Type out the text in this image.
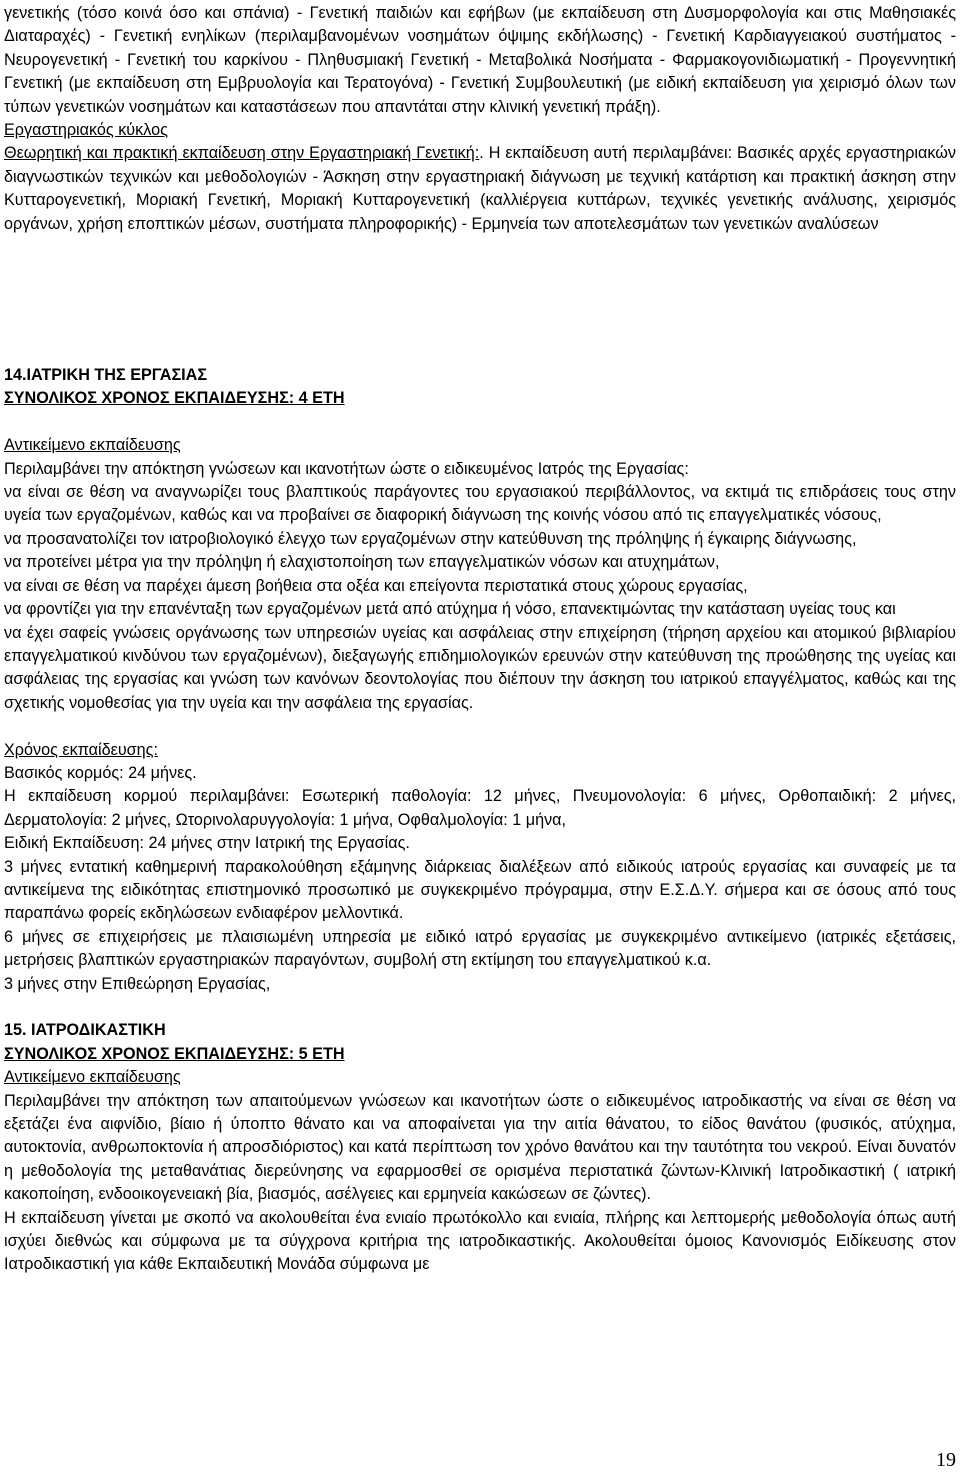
γενετικής (τόσο κοινά όσο και σπάνια) - Γενετική παιδιών και εφήβων (με εκπαίδευση στη Δυσμορφολογία και στις Μαθησιακές Διαταραχές) - Γενετική ενηλίκων (περιλαμβανομένων νοσημάτων όψιμης εκδήλωσης) - Γενετική Καρδιαγγειακού συστήματος - Νευρογενετική - Γενετική του καρκίνου - Πληθυσμιακή Γενετική - Μεταβολικά Νοσήματα - Φαρμακογονιδιωματική - Προγεννητική Γενετική (με εκπαίδευση στη Εμβρυολογία και Τερατογόνα) - Γενετική Συμβουλευτική (με ειδική εκπαίδευση για χειρισμό όλων των τύπων γενετικών νοσημάτων και καταστάσεων που απαντάται στην κλινική γενετική πράξη).

Εργαστηριακός κύκλος

Θεωρητική και πρακτική εκπαίδευση στην Εργαστηριακή Γενετική:. Η εκπαίδευση αυτή περιλαμβάνει: Βασικές αρχές εργαστηριακών διαγνωστικών τεχνικών και μεθοδολογιών - Άσκηση στην εργαστηριακή διάγνωση με τεχνική κατάρτιση και πρακτική άσκηση στην Κυτταρογενετική, Μοριακή Γενετική, Μοριακή Κυτταρογενετική (καλλιέργεια κυττάρων, τεχνικές γενετικής ανάλυσης, χειρισμός οργάνων, χρήση εποπτικών μέσων, συστήματα πληροφορικής) - Ερμηνεία των αποτελεσμάτων των γενετικών αναλύσεων

14.ΙΑΤΡΙΚΗ ΤΗΣ ΕΡΓΑΣΙΑΣ

ΣΥΝΟΛΙΚΟΣ ΧΡΟΝΟΣ ΕΚΠΑΙΔΕΥΣΗΣ: 4 ΕΤΗ

Αντικείμενο εκπαίδευσης

Περιλαμβάνει την απόκτηση γνώσεων και ικανοτήτων ώστε ο ειδικευμένος Ιατρός της Εργασίας:

να είναι σε θέση να αναγνωρίζει τους βλαπτικούς παράγοντες του εργασιακού περιβάλλοντος, να εκτιμά τις επιδράσεις τους στην υγεία των εργαζομένων, καθώς και να προβαίνει σε διαφορική διάγνωση της κοινής νόσου από τις επαγγελματικές νόσους,

να προσανατολίζει τον ιατροβιολογικό έλεγχο των εργαζομένων στην κατεύθυνση της πρόληψης ή έγκαιρης διάγνωσης,

να προτείνει μέτρα για την πρόληψη ή ελαχιστοποίηση των επαγγελματικών νόσων και ατυχημάτων,

να είναι σε θέση να παρέχει άμεση βοήθεια στα οξέα και επείγοντα περιστατικά στους χώρους εργασίας,

να φροντίζει για την επανένταξη των εργαζομένων μετά από ατύχημα ή νόσο, επανεκτιμώντας την κατάσταση υγείας τους και

να έχει σαφείς γνώσεις οργάνωσης των υπηρεσιών υγείας και ασφάλειας στην επιχείρηση (τήρηση αρχείου και ατομικού βιβλιαρίου επαγγελματικού κινδύνου των εργαζομένων), διεξαγωγής επιδημιολογικών ερευνών στην κατεύθυνση της προώθησης της υγείας και ασφάλειας της εργασίας και γνώση των κανόνων δεοντολογίας που διέπουν την άσκηση του ιατρικού επαγγέλματος, καθώς και της σχετικής νομοθεσίας για την υγεία και την ασφάλεια της εργασίας.

Χρόνος εκπαίδευσης:

Βασικός κορμός: 24 μήνες.

Η εκπαίδευση κορμού περιλαμβάνει: Εσωτερική παθολογία: 12 μήνες, Πνευμονολογία: 6 μήνες, Ορθοπαιδική: 2 μήνες, Δερματολογία: 2 μήνες, Ωτορινολαρυγγολογία: 1 μήνα, Οφθαλμολογία: 1 μήνα,

Ειδική Εκπαίδευση: 24 μήνες στην Ιατρική της Εργασίας.

3 μήνες εντατική καθημερινή παρακολούθηση εξάμηνης διάρκειας διαλέξεων από ειδικούς ιατρούς εργασίας και συναφείς με τα αντικείμενα της ειδικότητας επιστημονικό προσωπικό με συγκεκριμένο πρόγραμμα, στην Ε.Σ.Δ.Υ. σήμερα και σε όσους από τους παραπάνω φορείς εκδηλώσεων ενδιαφέρον μελλοντικά.

6 μήνες σε επιχειρήσεις με πλαισιωμένη υπηρεσία με ειδικό ιατρό εργασίας με συγκεκριμένο αντικείμενο (ιατρικές εξετάσεις, μετρήσεις βλαπτικών εργαστηριακών παραγόντων, συμβολή στη εκτίμηση του επαγγελματικού κ.α.

3 μήνες στην Επιθεώρηση Εργασίας,

15. ΙΑΤΡΟΔΙΚΑΣΤΙΚΗ

ΣΥΝΟΛΙΚΟΣ ΧΡΟΝΟΣ ΕΚΠΑΙΔΕΥΣΗΣ: 5 ΕΤΗ

Αντικείμενο εκπαίδευσης

Περιλαμβάνει την απόκτηση των απαιτούμενων γνώσεων και ικανοτήτων ώστε ο ειδικευμένος ιατροδικαστής να είναι σε θέση να εξετάζει ένα αιφνίδιο, βίαιο ή ύποπτο θάνατο και να αποφαίνεται για την αιτία θάνατου, το είδος θανάτου (φυσικός, ατύχημα, αυτοκτονία, ανθρωποκτονία ή απροσδιόριστος) και κατά περίπτωση τον χρόνο θανάτου και την ταυτότητα του νεκρού. Είναι δυνατόν η μεθοδολογία της μεταθανάτιας διερεύνησης να εφαρμοσθεί σε ορισμένα περιστατικά ζώντων-Κλινική Ιατροδικαστική ( ιατρική κακοποίηση, ενδοοικογενειακή βία, βιασμός, ασέλγειες και ερμηνεία κακώσεων σε ζώντες).

Η εκπαίδευση γίνεται με σκοπό να ακολουθείται ένα ενιαίο πρωτόκολλο και ενιαία, πλήρης και λεπτομερής μεθοδολογία όπως αυτή ισχύει διεθνώς και σύμφωνα με τα σύγχρονα κριτήρια της ιατροδικαστικής. Ακολουθείται όμοιος Κανονισμός Ειδίκευσης στον Ιατροδικαστική για κάθε Εκπαιδευτική Μονάδα σύμφωνα με

19
